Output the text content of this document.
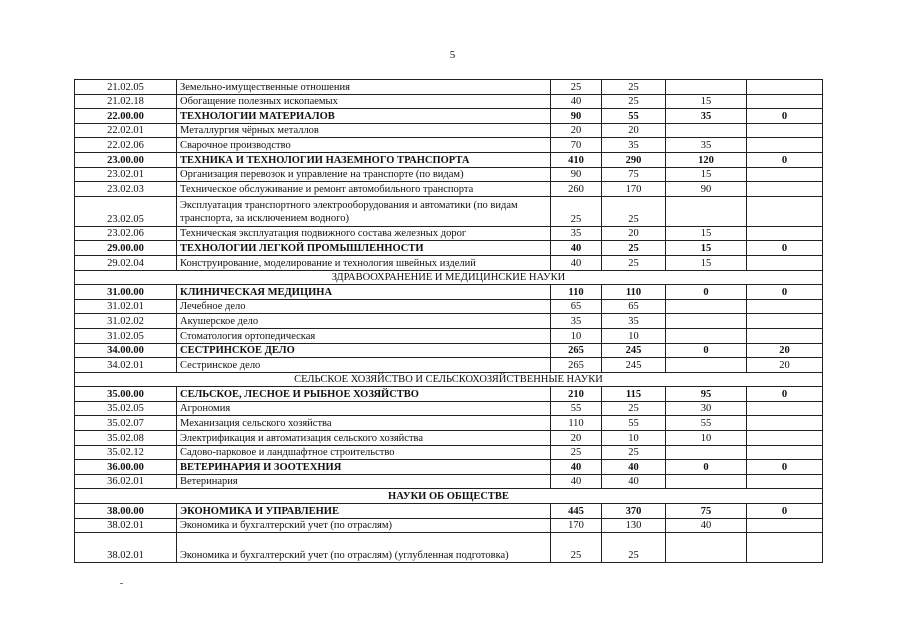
5
21.02.05	Земельно-имущественные отношения	25	25		
21.02.18	Обогащение полезных ископаемых	40	25	15	
22.00.00	ТЕХНОЛОГИИ МАТЕРИАЛОВ	90	55	35	0
22.02.01	Металлургия чёрных металлов	20	20		
22.02.06	Сварочное производство	70	35	35	
23.00.00	ТЕХНИКА И ТЕХНОЛОГИИ НАЗЕМНОГО ТРАНСПОРТА	410	290	120	0
23.02.01	Организация перевозок и управление на транспорте (по видам)	90	75	15	
23.02.03	Техническое обслуживание и ремонт автомобильного транспорта	260	170	90	
23.02.05	Эксплуатация транспортного электрооборудования и автоматики (по видам транспорта, за исключением водного)	25	25		
23.02.06	Техническая эксплуатация подвижного состава железных дорог	35	20	15	
29.00.00	ТЕХНОЛОГИИ ЛЕГКОЙ ПРОМЫШЛЕННОСТИ	40	25	15	0
29.02.04	Конструирование, моделирование и технология швейных изделий	40	25	15	
ЗДРАВООХРАНЕНИЕ И МЕДИЦИНСКИЕ НАУКИ					
31.00.00	КЛИНИЧЕСКАЯ МЕДИЦИНА	110	110	0	0
31.02.01	Лечебное дело	65	65		
31.02.02	Акушерское дело	35	35		
31.02.05	Стоматология ортопедическая	10	10		
34.00.00	СЕСТРИНСКОЕ ДЕЛО	265	245	0	20
34.02.01	Сестринское дело	265	245		20
СЕЛЬСКОЕ ХОЗЯЙСТВО И СЕЛЬСКОХОЗЯЙСТВЕННЫЕ НАУКИ					
35.00.00	СЕЛЬСКОЕ, ЛЕСНОЕ И РЫБНОЕ ХОЗЯЙСТВО	210	115	95	0
35.02.05	Агрономия	55	25	30	
35.02.07	Механизация сельского хозяйства	110	55	55	
35.02.08	Электрификация и автоматизация сельского хозяйства	20	10	10	
35.02.12	Садово-парковое и ландшафтное строительство	25	25		
36.00.00	ВЕТЕРИНАРИЯ И ЗООТЕХНИЯ	40	40	0	0
36.02.01	Ветеринария	40	40		
НАУКИ ОБ ОБЩЕСТВЕ					
38.00.00	ЭКОНОМИКА И УПРАВЛЕНИЕ	445	370	75	0
38.02.01	Экономика и бухгалтерский учет (по отраслям)	170	130	40	
38.02.01	Экономика и бухгалтерский учет (по отраслям) (углубленная подготовка)	25	25		
